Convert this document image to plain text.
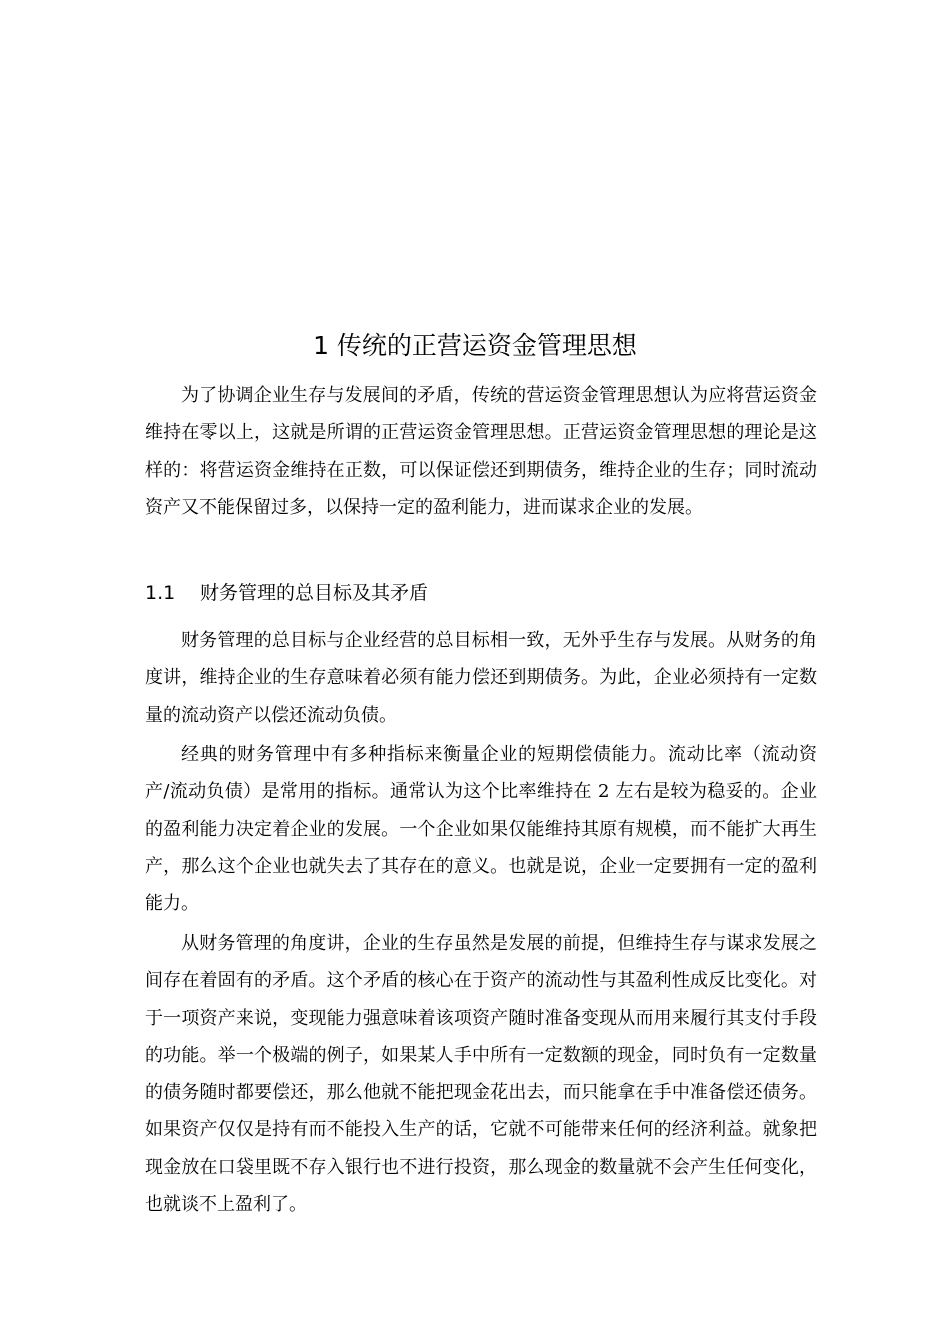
1 传统的正营运资金管理思想

为了协调企业生存与发展间的矛盾，传统的营运资金管理思想认为应将营运资金维持在零以上，这就是所谓的正营运资金管理思想。正营运资金管理思想的理论是这样的：将营运资金维持在正数，可以保证偿还到期债务，维持企业的生存；同时流动资产又不能保留过多，以保持一定的盈利能力，进而谋求企业的发展。

1.1 财务管理的总目标及其矛盾

财务管理的总目标与企业经营的总目标相一致，无外乎生存与发展。从财务的角度讲，维持企业的生存意味着必须有能力偿还到期债务。为此，企业必须持有一定数量的流动资产以偿还流动负债。

经典的财务管理中有多种指标来衡量企业的短期偿债能力。流动比率（流动资产/流动负债）是常用的指标。通常认为这个比率维持在 2 左右是较为稳妥的。企业的盈利能力决定着企业的发展。一个企业如果仅能维持其原有规模，而不能扩大再生产，那么这个企业也就失去了其存在的意义。也就是说，企业一定要拥有一定的盈利能力。

从财务管理的角度讲，企业的生存虽然是发展的前提，但维持生存与谋求发展之间存在着固有的矛盾。这个矛盾的核心在于资产的流动性与其盈利性成反比变化。对于一项资产来说，变现能力强意味着该项资产随时准备变现从而用来履行其支付手段的功能。举一个极端的例子，如果某人手中所有一定数额的现金，同时负有一定数量的债务随时都要偿还，那么他就不能把现金花出去，而只能拿在手中准备偿还债务。如果资产仅仅是持有而不能投入生产的话，它就不可能带来任何的经济利益。就象把现金放在口袋里既不存入银行也不进行投资，那么现金的数量就不会产生任何变化，也就谈不上盈利了。
